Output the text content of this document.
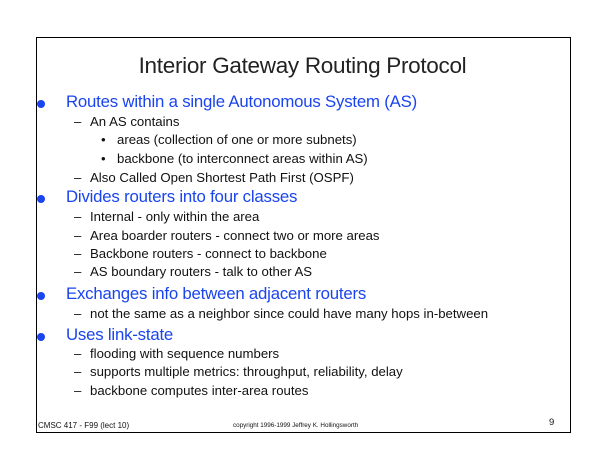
Interior Gateway Routing Protocol
Routes within a single Autonomous System (AS)
– An AS contains
• areas (collection of one or more subnets)
• backbone (to interconnect areas within AS)
– Also Called Open Shortest Path First (OSPF)
Divides routers into four classes
– Internal - only within the area
– Area boarder routers - connect two or more areas
– Backbone routers - connect to backbone
– AS boundary routers - talk to other AS
Exchanges info between adjacent routers
– not the same as a neighbor since could have many hops in-between
Uses link-state
– flooding with sequence numbers
– supports multiple metrics: throughput, reliability, delay
– backbone computes inter-area routes
CMSC 417 - F99 (lect 10)	copyright 1996-1999 Jeffrey K. Hollingsworth	9
